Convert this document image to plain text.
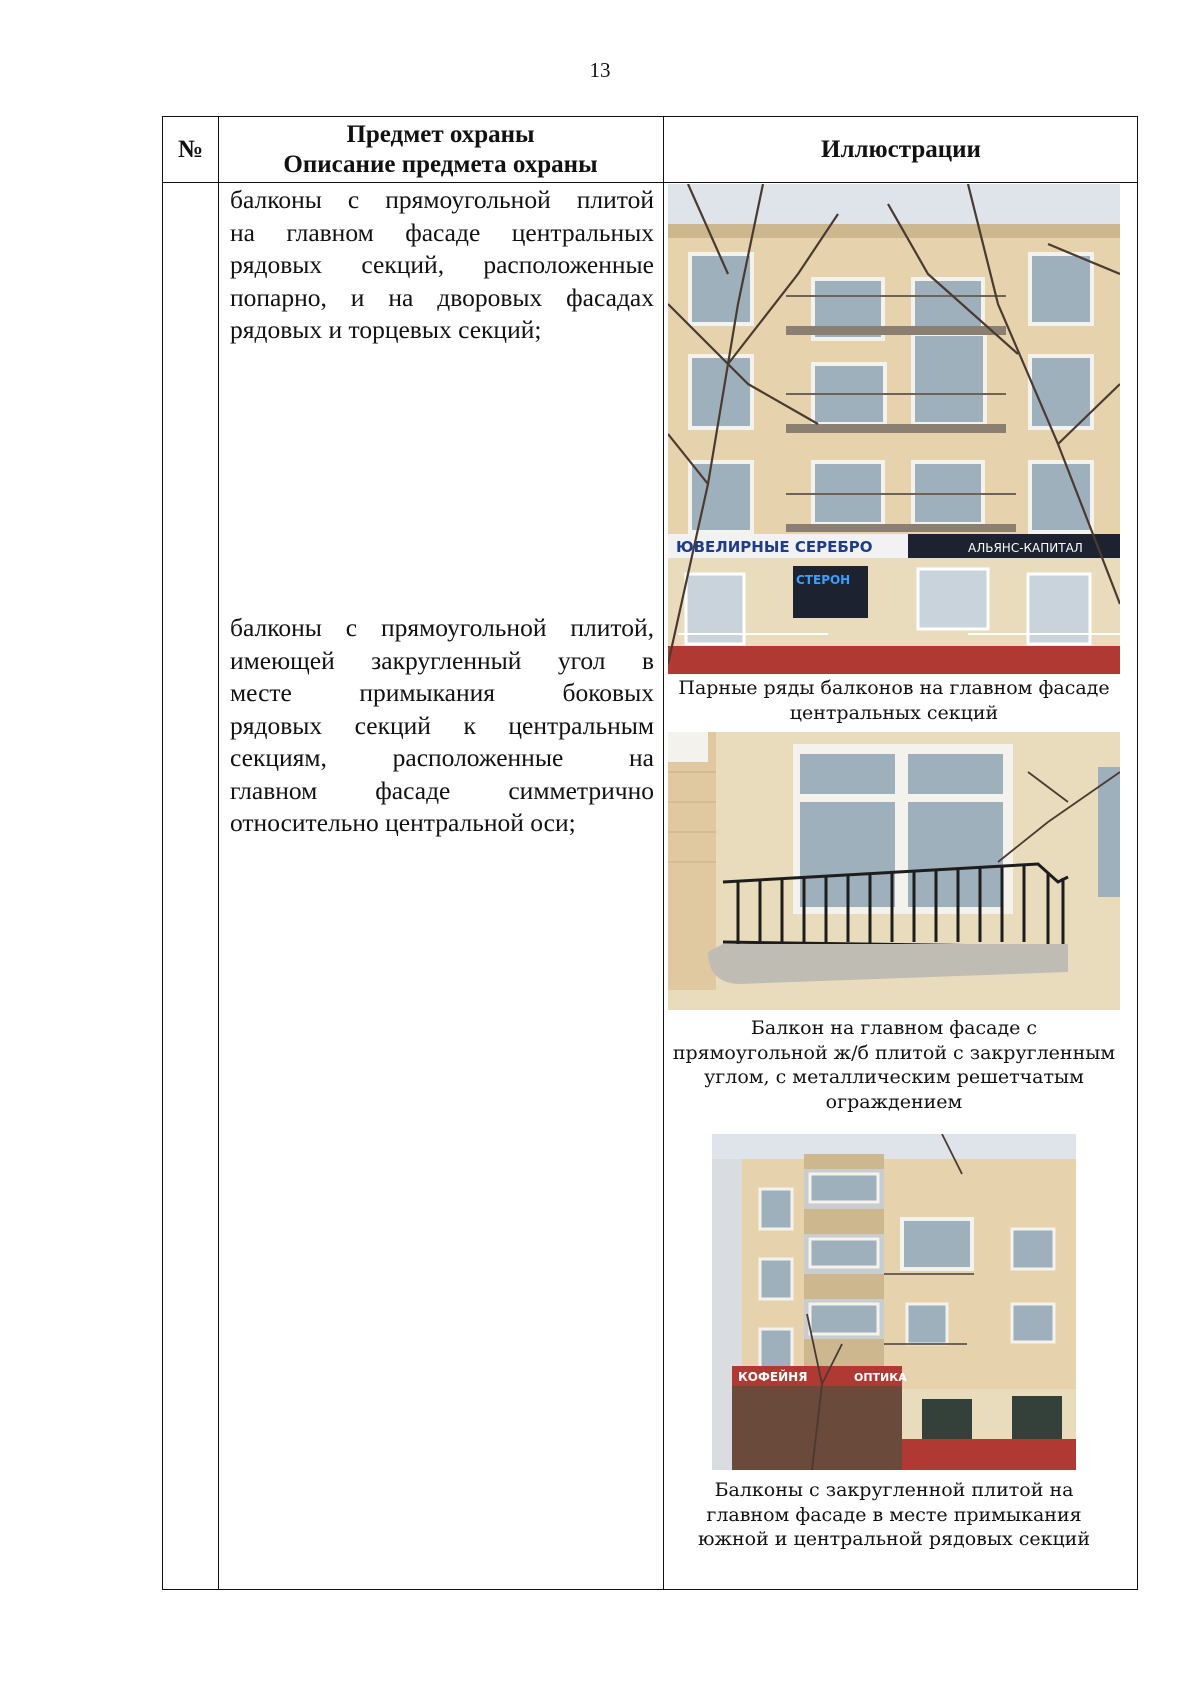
13
№
Предмет охраны
Описание предмета охраны
Иллюстрации

балконы с прямоугольной плитой
на главном фасаде центральных
рядовых секций, расположенные
попарно, и на дворовых фасадах
рядовых и торцевых секций;

балконы с прямоугольной плитой,
имеющей закругленный угол в
месте примыкания боковых
рядовых секций к центральным
секциям, расположенные на
главном фасаде симметрично
относительно центральной оси;

ЮВЕЛИРНЫЕ СЕРЕБРО	АЛЬЯНС-КАПИТАЛ
СТЕРОН
Парные ряды балконов на главном фасаде
центральных секций
Балкон на главном фасаде с
прямоугольной ж/б плитой с закругленным
углом, с металлическим решетчатым
ограждением
КОФЕЙНЯ	ОПТИКА
Балконы с закругленной плитой на
главном фасаде в месте примыкания
южной и центральной рядовых секций
